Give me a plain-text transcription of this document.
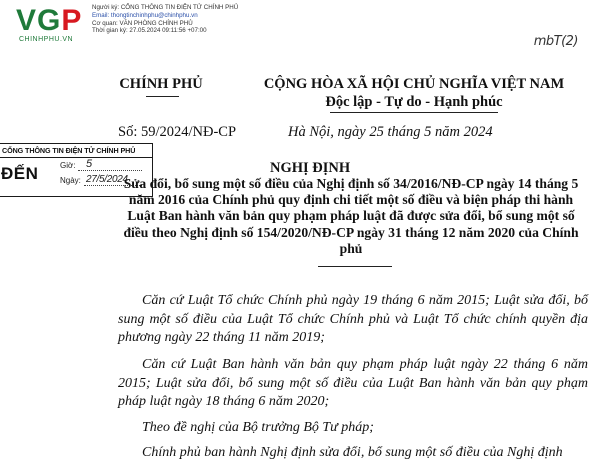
VGP
CHINHPHU.VN
Người ký: CỔNG THÔNG TIN ĐIỆN TỬ CHÍNH PHỦ
Email: thongtinchinhphu@chinhphu.vn
Cơ quan: VĂN PHÒNG CHÍNH PHỦ
Thời gian ký: 27.05.2024 09:11:56 +07:00
mbT(2)
CHÍNH PHỦ	CỘNG HÒA XÃ HỘI CHỦ NGHĨA VIỆT NAM
Độc lập - Tự do - Hạnh phúc
Số: 59/2024/NĐ-CP	Hà Nội, ngày 25 tháng 5 năm 2024
CỔNG THÔNG TIN ĐIỆN TỬ CHÍNH PHỦ
ĐẾN	Giờ: 5
Ngày: 27/5/2024
NGHỊ ĐỊNH
Sửa đổi, bổ sung một số điều của Nghị định số 34/2016/NĐ-CP ngày 14 tháng 5 năm 2016 của Chính phủ quy định chi tiết một số điều và biện pháp thi hành Luật Ban hành văn bản quy phạm pháp luật đã được sửa đổi, bổ sung một số điều theo Nghị định số 154/2020/NĐ-CP ngày 31 tháng 12 năm 2020 của Chính phủ
Căn cứ Luật Tổ chức Chính phủ ngày 19 tháng 6 năm 2015; Luật sửa đổi, bổ sung một số điều của Luật Tổ chức Chính phủ và Luật Tổ chức chính quyền địa phương ngày 22 tháng 11 năm 2019;
Căn cứ Luật Ban hành văn bản quy phạm pháp luật ngày 22 tháng 6 năm 2015; Luật sửa đổi, bổ sung một số điều của Luật Ban hành văn bản quy phạm pháp luật ngày 18 tháng 6 năm 2020;
Theo đề nghị của Bộ trưởng Bộ Tư pháp;
Chính phủ ban hành Nghị định sửa đổi, bổ sung một số điều của Nghị định
